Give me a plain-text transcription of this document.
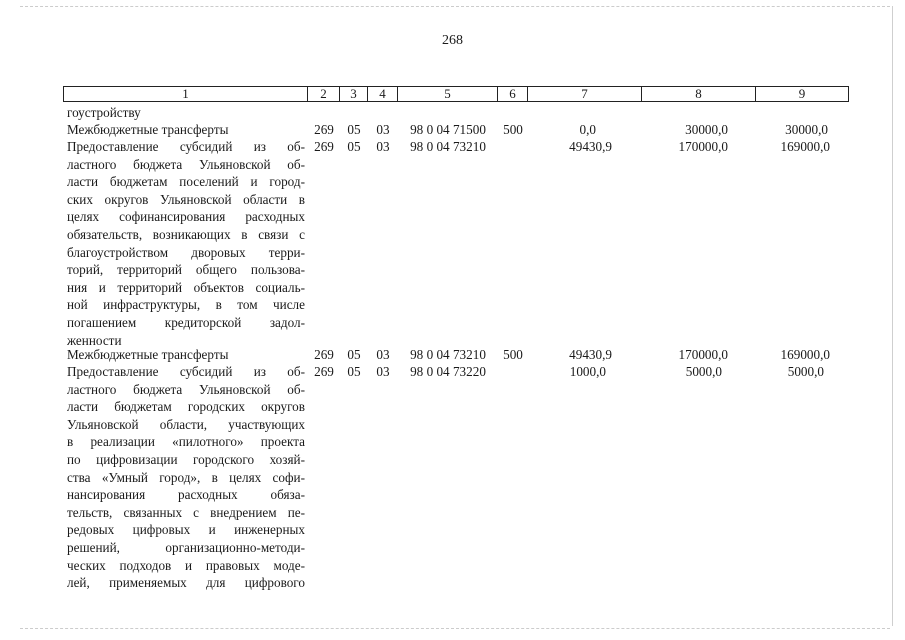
268
1	2	3	4	5	6	7	8	9
гоустройству
Межбюджетные трансферты	269	05	03	98 0 04 71500	500	0,0	30000,0	30000,0
Предоставление субсидий из об-
ластного бюджета Ульяновской об-
ласти бюджетам поселений и город-
ских округов Ульяновской области в
целях софинансирования расходных
обязательств, возникающих в связи с
благоустройством дворовых терри-
торий, территорий общего пользова-
ния и территорий объектов социаль-
ной инфраструктуры, в том числе
погашением кредиторской задол-
женности
269	05	03	98 0 04 73210	49430,9	170000,0	169000,0
Межбюджетные трансферты	269	05	03	98 0 04 73210	500	49430,9	170000,0	169000,0
Предоставление субсидий из об-
ластного бюджета Ульяновской об-
ласти бюджетам городских округов
Ульяновской области, участвующих
в реализации «пилотного» проекта
по цифровизации городского хозяй-
ства «Умный город», в целях софи-
нансирования расходных обяза-
тельств, связанных с внедрением пе-
редовых цифровых и инженерных
решений, организационно-методи-
ческих подходов и правовых моде-
лей, применяемых для цифрового
269	05	03	98 0 04 73220	1000,0	5000,0	5000,0
